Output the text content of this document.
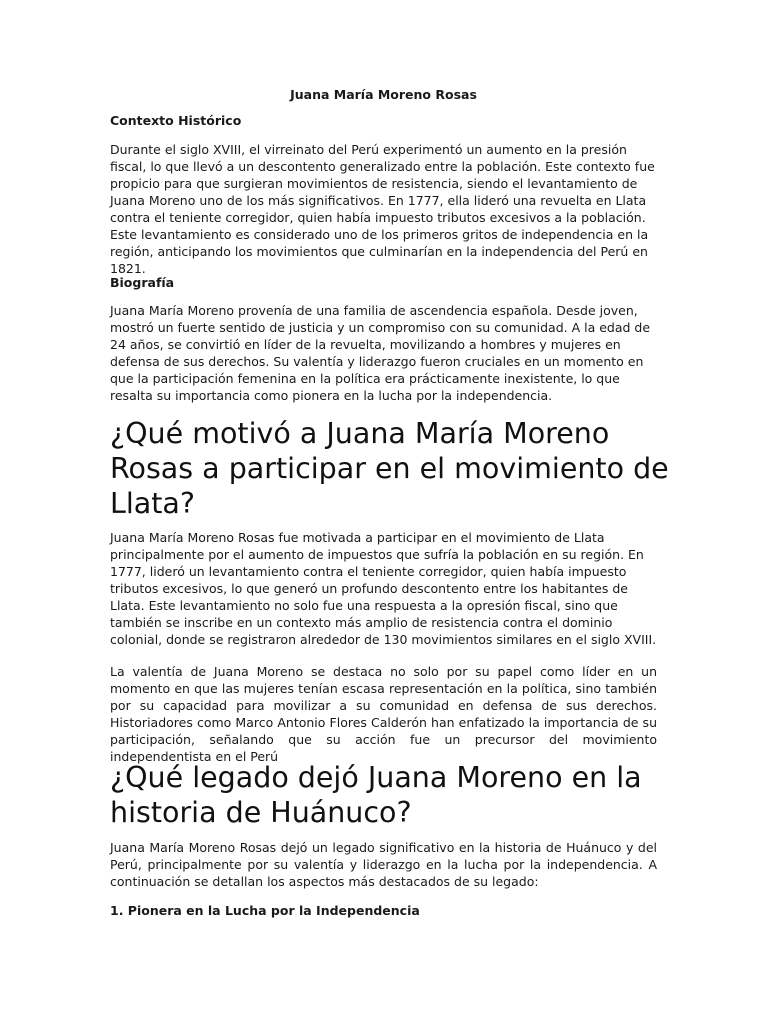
Juana María Moreno Rosas
Contexto Histórico

Durante el siglo XVIII, el virreinato del Perú experimentó un aumento en la presión fiscal, lo que llevó a un descontento generalizado entre la población. Este contexto fue propicio para que surgieran movimientos de resistencia, siendo el levantamiento de Juana Moreno uno de los más significativos. En 1777, ella lideró una revuelta en Llata contra el teniente corregidor, quien había impuesto tributos excesivos a la población. Este levantamiento es considerado uno de los primeros gritos de independencia en la región, anticipando los movimientos que culminarían en la independencia del Perú en 1821.

Biografía

Juana María Moreno provenía de una familia de ascendencia española. Desde joven, mostró un fuerte sentido de justicia y un compromiso con su comunidad. A la edad de 24 años, se convirtió en líder de la revuelta, movilizando a hombres y mujeres en defensa de sus derechos. Su valentía y liderazgo fueron cruciales en un momento en que la participación femenina en la política era prácticamente inexistente, lo que resalta su importancia como pionera en la lucha por la independencia.

¿Qué motivó a Juana María Moreno Rosas a participar en el movimiento de Llata?

Juana María Moreno Rosas fue motivada a participar en el movimiento de Llata principalmente por el aumento de impuestos que sufría la población en su región. En 1777, lideró un levantamiento contra el teniente corregidor, quien había impuesto tributos excesivos, lo que generó un profundo descontento entre los habitantes de Llata. Este levantamiento no solo fue una respuesta a la opresión fiscal, sino que también se inscribe en un contexto más amplio de resistencia contra el dominio colonial, donde se registraron alrededor de 130 movimientos similares en el siglo XVIII.

La valentía de Juana Moreno se destaca no solo por su papel como líder en un momento en que las mujeres tenían escasa representación en la política, sino también por su capacidad para movilizar a su comunidad en defensa de sus derechos. Historiadores como Marco Antonio Flores Calderón han enfatizado la importancia de su participación, señalando que su acción fue un precursor del movimiento independentista en el Perú

¿Qué legado dejó Juana Moreno en la historia de Huánuco?

Juana María Moreno Rosas dejó un legado significativo en la historia de Huánuco y del Perú, principalmente por su valentía y liderazgo en la lucha por la independencia. A continuación se detallan los aspectos más destacados de su legado:

1. Pionera en la Lucha por la Independencia
